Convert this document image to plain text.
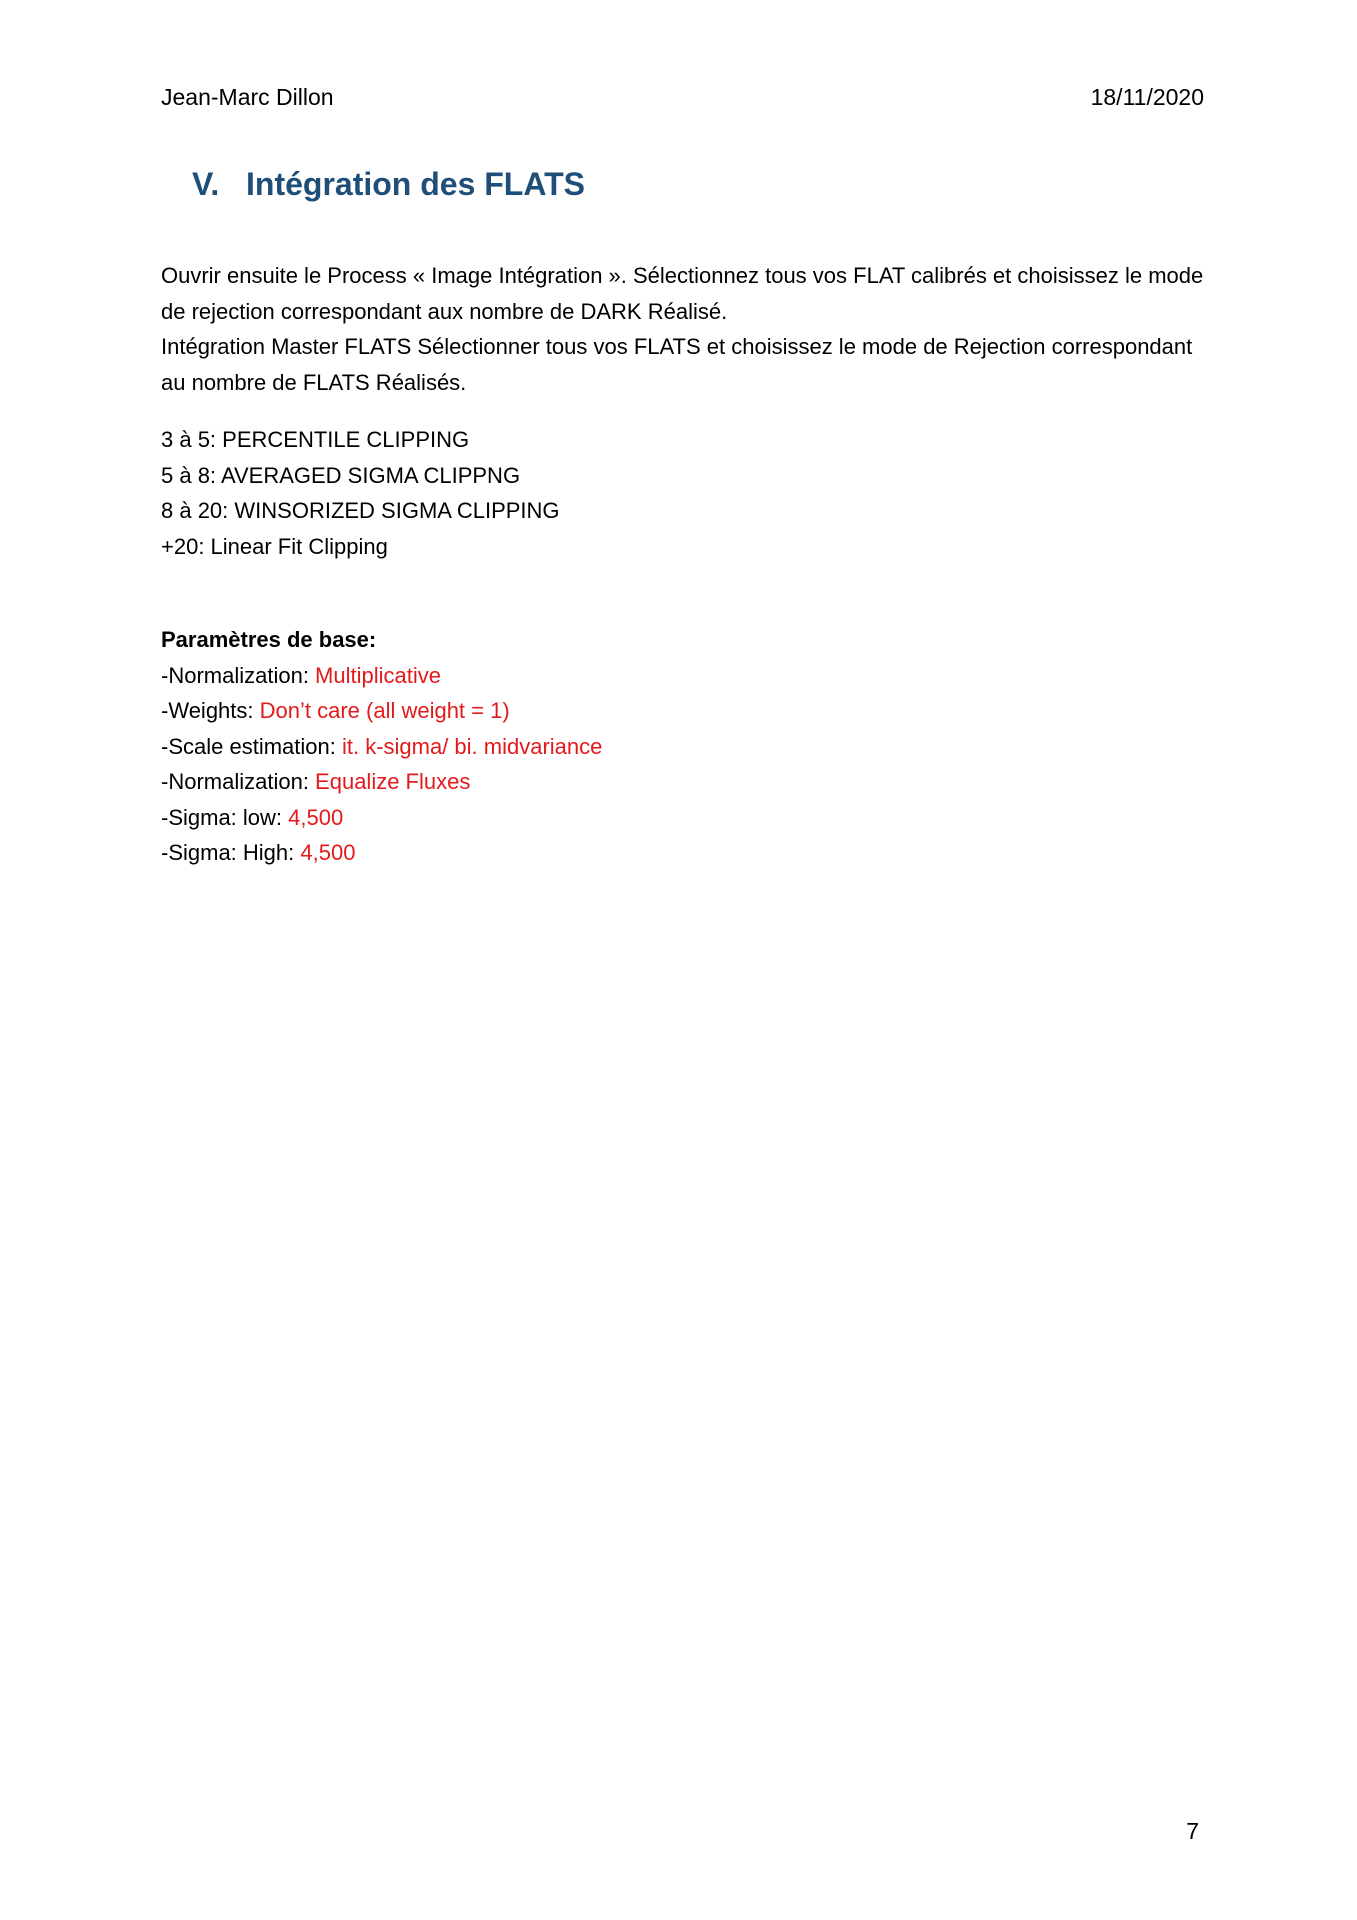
Jean-Marc Dillon	18/11/2020
V. Intégration des FLATS

Ouvrir ensuite le Process « Image Intégration ». Sélectionnez tous vos FLAT calibrés et choisissez le mode de rejection correspondant aux nombre de DARK Réalisé.

Intégration Master FLATS Sélectionner tous vos FLATS et choisissez le mode de Rejection correspondant au nombre de FLATS Réalisés.

3 à 5: PERCENTILE CLIPPING
5 à 8: AVERAGED SIGMA CLIPPNG
8 à 20: WINSORIZED SIGMA CLIPPING
+20: Linear Fit Clipping
Paramètres de base:
-Normalization: Multiplicative
-Weights: Don’t care (all weight = 1)
-Scale estimation: it. k-sigma/ bi. midvariance
-Normalization: Equalize Fluxes
-Sigma: low: 4,500
-Sigma: High: 4,500
7
